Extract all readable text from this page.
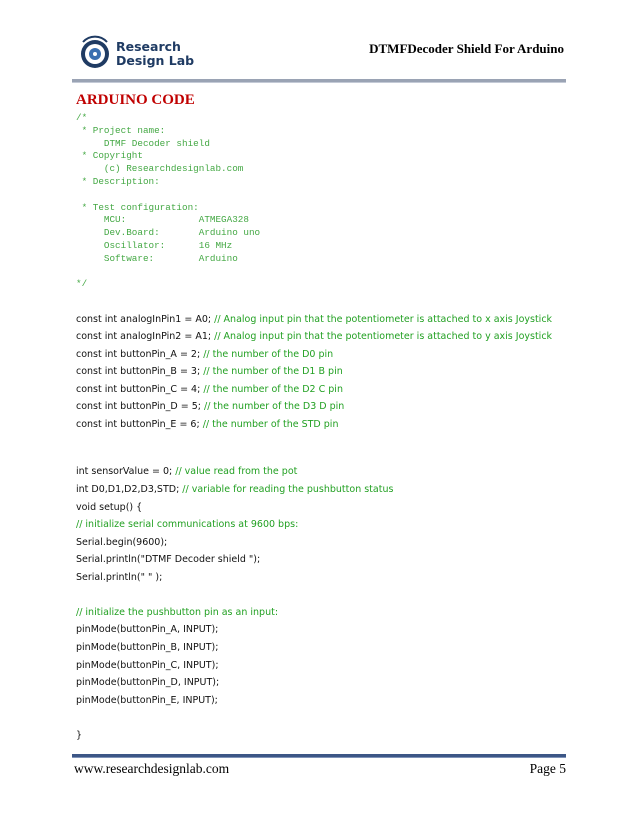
Research
Design Lab
DTMFDecoder Shield For Arduino
ARDUINO CODE
/*
* Project name:
DTMF Decoder shield
* Copyright
(c) Researchdesignlab.com
* Description:

* Test configuration:
MCU:             ATMEGA328
Dev.Board:       Arduino uno
Oscillator:      16 MHz
Software:        Arduino

*/
const int analogInPin1 = A0; // Analog input pin that the potentiometer is attached to x axis Joystick
const int analogInPin2 = A1; // Analog input pin that the potentiometer is attached to y axis Joystick
const int buttonPin_A = 2; // the number of the D0 pin
const int buttonPin_B = 3; // the number of the D1 B pin
const int buttonPin_C = 4; // the number of the D2 C pin
const int buttonPin_D = 5; // the number of the D3 D pin
const int buttonPin_E = 6; // the number of the STD pin
int sensorValue = 0; // value read from the pot
int D0,D1,D2,D3,STD; // variable for reading the pushbutton status
void setup() {
// initialize serial communications at 9600 bps:
Serial.begin(9600);
Serial.println("DTMF Decoder shield ");
Serial.println(" " );
// initialize the pushbutton pin as an input:
pinMode(buttonPin_A, INPUT);
pinMode(buttonPin_B, INPUT);
pinMode(buttonPin_C, INPUT);
pinMode(buttonPin_D, INPUT);
pinMode(buttonPin_E, INPUT);
}
www.researchdesignlab.com	Page 5
